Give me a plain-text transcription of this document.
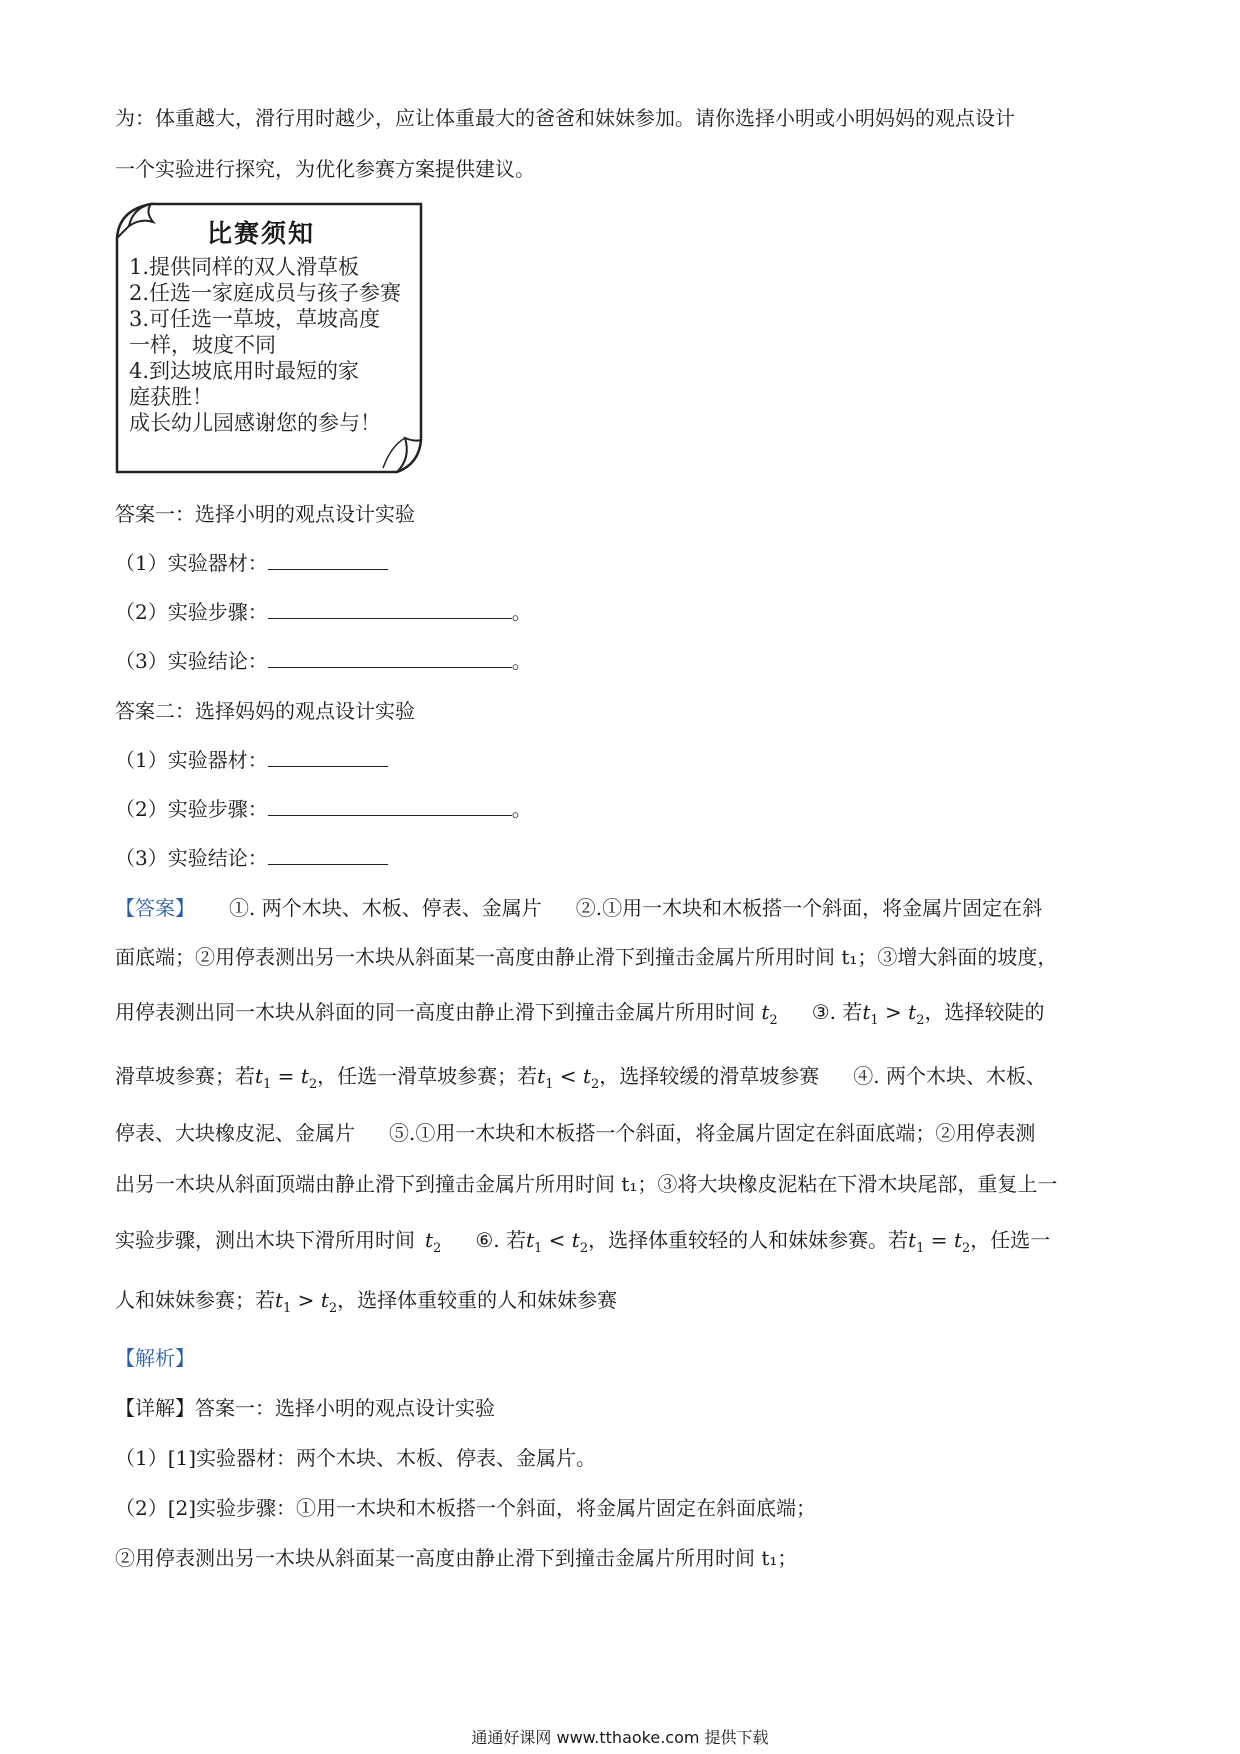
为：体重越大，滑行用时越少，应让体重最大的爸爸和妹妹参加。请你选择小明或小明妈妈的观点设计
一个实验进行探究，为优化参赛方案提供建议。
比赛须知
1.提供同样的双人滑草板
2.任选一家庭成员与孩子参赛
3.可任选一草坡，草坡高度
一样，坡度不同
4.到达坡底用时最短的家
庭获胜！
成长幼儿园感谢您的参与！
答案一：选择小明的观点设计实验
（1）实验器材：
（2）实验步骤：	。
（3）实验结论：	。
答案二：选择妈妈的观点设计实验
（1）实验器材：
（2）实验步骤：	。
（3）实验结论：
【答案】 ①. 两个木块、木板、停表、金属片 ②.①用一木块和木板搭一个斜面，将金属片固定在斜
面底端；②用停表测出另一木块从斜面某一高度由静止滑下到撞击金属片所用时间 t₁；③增大斜面的坡度，
用停表测出同一木块从斜面的同一高度由静止滑下到撞击金属片所用时间 $t_2$ ③. 若$t_1 > t_2$，选择较陡的
滑草坡参赛；若$t_1 = t_2$，任选一滑草坡参赛；若$t_1 < t_2$，选择较缓的滑草坡参赛 ④. 两个木块、木板、
停表、大块橡皮泥、金属片 ⑤.①用一木块和木板搭一个斜面，将金属片固定在斜面底端；②用停表测
出另一木块从斜面顶端由静止滑下到撞击金属片所用时间 t₁；③将大块橡皮泥粘在下滑木块尾部，重复上一
实验步骤，测出木块下滑所用时间 $t_2$ ⑥. 若$t_1 < t_2$，选择体重较轻的人和妹妹参赛。若$t_1 = t_2$，任选一
人和妹妹参赛；若$t_1 > t_2$，选择体重较重的人和妹妹参赛
【解析】
【详解】答案一：选择小明的观点设计实验
（1）[1]实验器材：两个木块、木板、停表、金属片。
（2）[2]实验步骤：①用一木块和木板搭一个斜面，将金属片固定在斜面底端；
②用停表测出另一木块从斜面某一高度由静止滑下到撞击金属片所用时间 t₁；
通通好课网 www.tthaoke.com 提供下载
